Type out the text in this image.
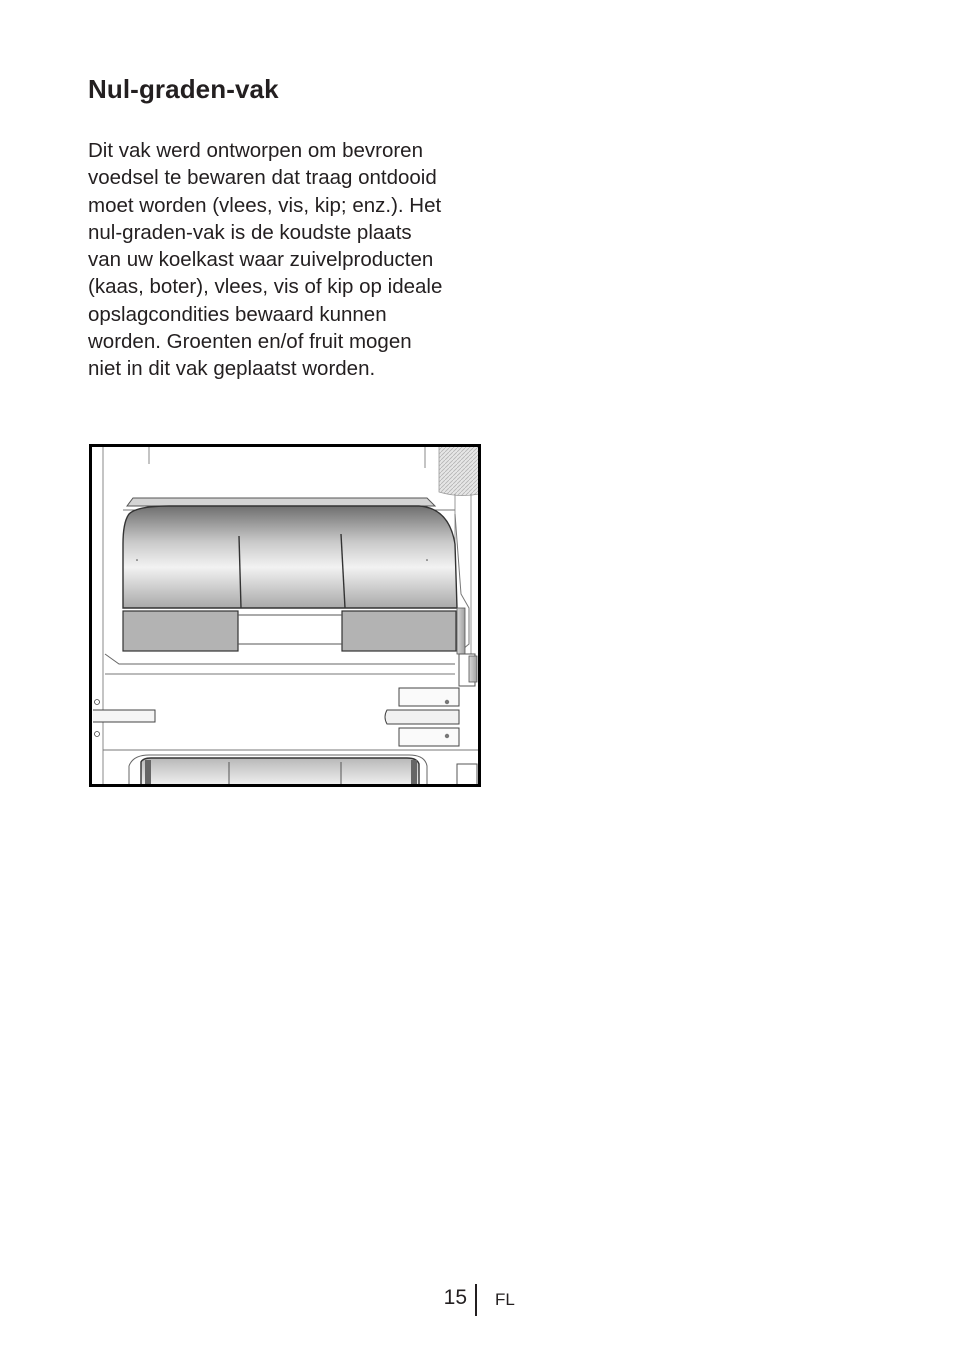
Nul-graden-vak

Dit vak werd ontworpen om bevroren
voedsel te bewaren dat traag ontdooid
moet worden (vlees, vis, kip; enz.). Het
nul-graden-vak is de koudste plaats
van uw koelkast waar zuivelproducten
(kaas, boter), vlees, vis of kip op ideale
opslagcondities bewaard kunnen
worden. Groenten en/of fruit mogen
niet in dit vak geplaatst worden.

15 FL
